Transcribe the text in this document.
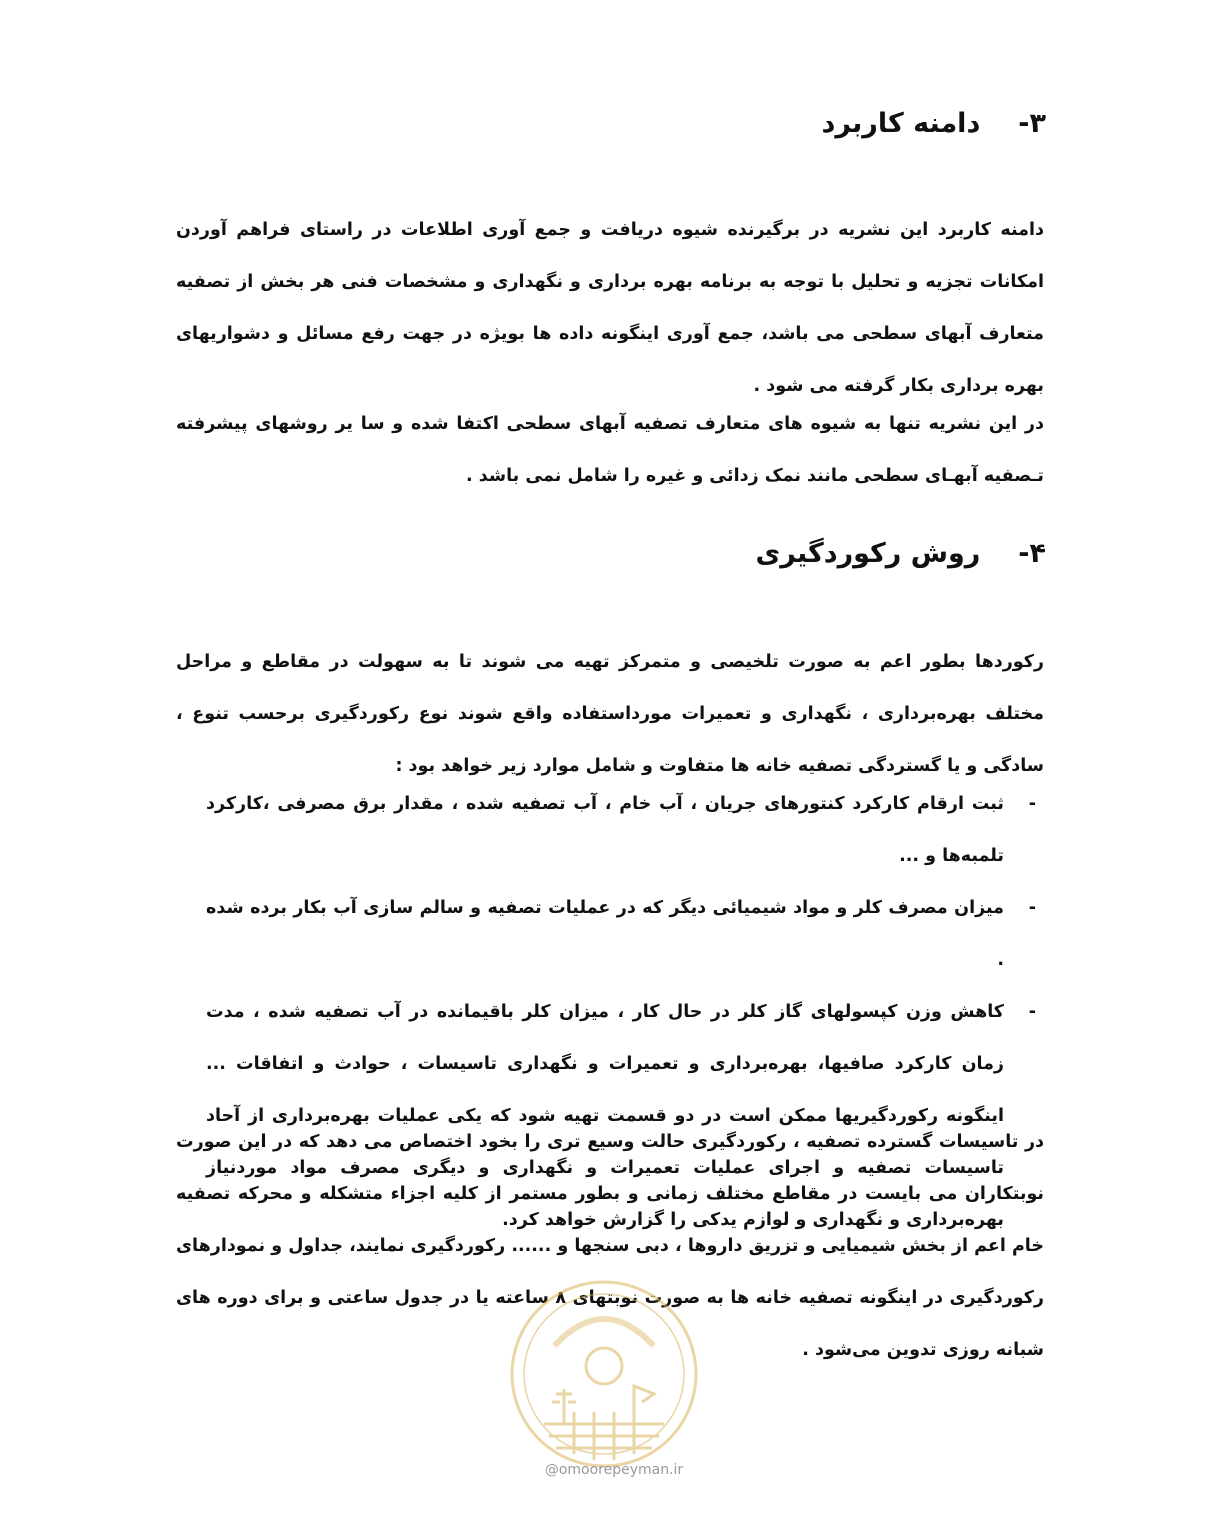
۳-دامنه کاربرد
دامنه کاربرد این نشریه در برگیرنده شیوه دریافت و جمع آوری اطلاعات در راستای فراهم آوردن امکانات تجزیه و تحلیل با توجه به برنامه بهره برداری و نگهداری و مشخصات فنی هر بخش از تصفیه متعارف آبهای سطحی می باشد، جمع آوری اینگونه داده ها بویژه در جهت رفع مسائل و دشواریهای بهره برداری بکار گرفته می شود .
در این نشریه تنها به شیوه های متعارف تصفیه آبهای سطحی اکتفا شده و سا یر روشهای پیشرفته تـصفیه آبهـای سطحی مانند نمک زدائی و غیره را شامل نمی باشد .
۴-روش رکوردگیری
رکوردها بطور اعم به صورت تلخیصی و متمرکز تهیه می شوند تا به سهولت در مقاطع و مراحل مختلف بهره‌برداری ، نگهداری و تعمیرات مورداستفاده واقع شوند نوع رکوردگیری برحسب تنوع ، سادگی و یا گستردگی تصفیه خانه ها متفاوت و شامل موارد زیر خواهد بود :
-
ثبت ارقام کارکرد کنتورهای جریان ، آب خام ، آب تصفیه شده ، مقدار برق مصرفی ،کارکرد تلمبه‌ها و ...
-
میزان مصرف کلر و مواد شیمیائی دیگر که در عملیات تصفیه و سالم سازی آب بکار برده شده .
-
کاهش وزن کپسولهای گاز کلر در حال کار ، میزان کلر باقیمانده در آب تصفیه شده ، مدت زمان کارکرد صافیها، بهره‌برداری و تعمیرات و نگهداری تاسیسات ، حوادث و اتفاقات ... اینگونه رکوردگیریها ممکن است در دو قسمت تهیه شود که یکی عملیات بهره‌برداری از آحاد تاسیسات تصفیه و اجرای عملیات تعمیرات و نگهداری و دیگری مصرف مواد موردنیاز بهره‌برداری و نگهداری و لوازم یدکی را گزارش خواهد کرد.
در تاسیسات گسترده تصفیه ، رکوردگیری حالت وسیع تری را بخود اختصاص می دهد که در این صورت نوبتکاران می بایست در مقاطع مختلف زمانی و بطور مستمر از کلیه اجزاء متشکله و محرکه تصفیه خام اعم از بخش شیمیایی و تزریق داروها ، دبی سنجها و ...... رکوردگیری نمایند، جداول و نمودارهای رکوردگیری در اینگونه تصفیه خانه ها به صورت نوبتهای ۸ ساعته یا در جدول ساعتی و برای دوره های شبانه روزی تدوین می‌شود .
@omoorepeyman.ir
